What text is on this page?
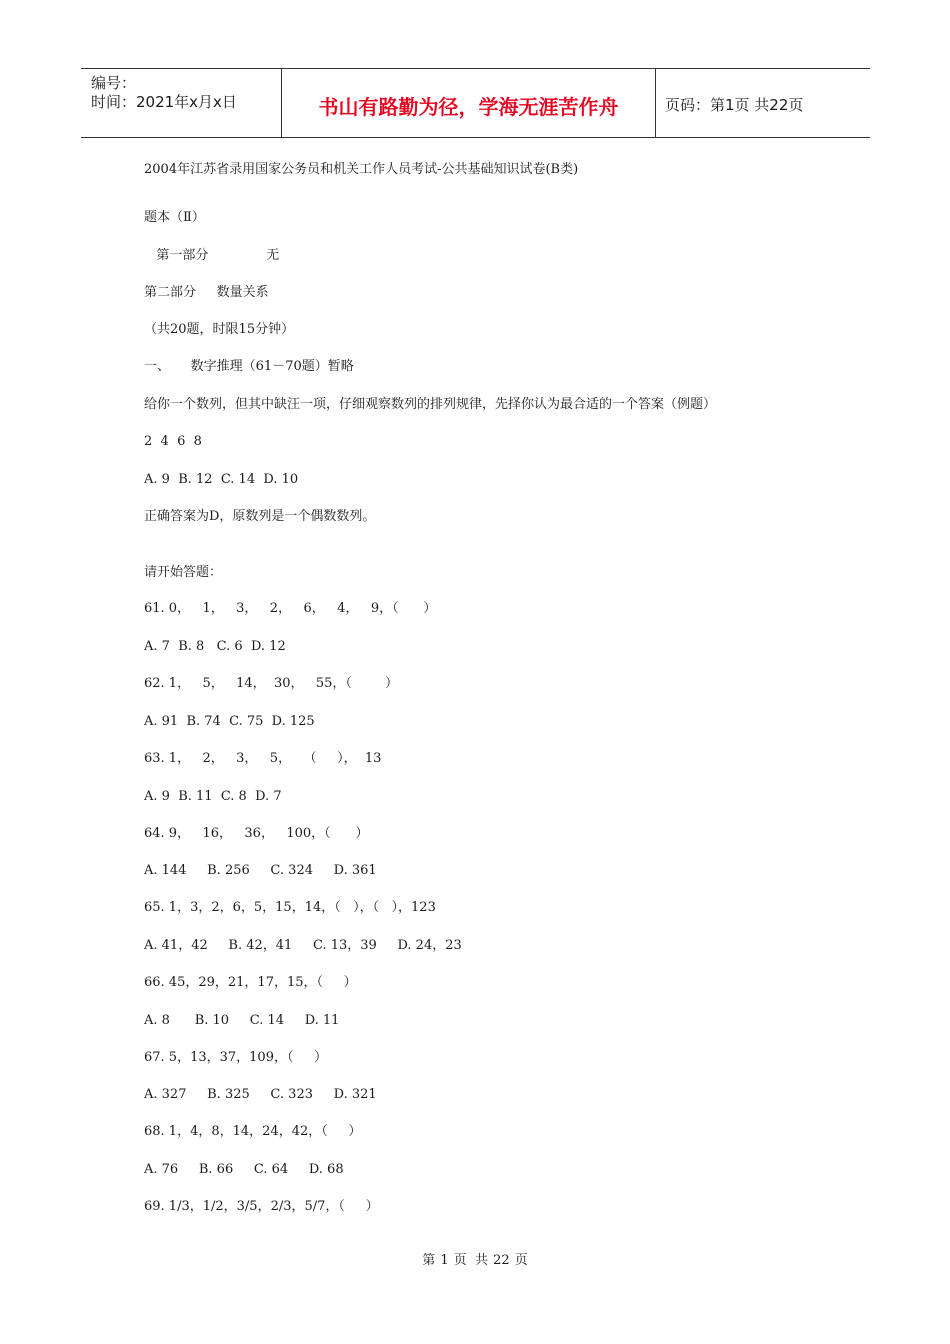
编号：
时间：2021年x月x日	书山有路勤为径，学海无涯苦作舟	页码：第1页 共22页
2004年江苏省录用国家公务员和机关工作人员考试-公共基础知识试卷(B类)
题本（Ⅱ）
第一部分              无
第二部分     数量关系
（共20题，时限15分钟）
一、     数字推理（61－70题）暂略
给你一个数列，但其中缺汪一项，仔细观察数列的排列规律，先择你认为最合适的一个答案（例题）
2  4  6  8
A. 9  B. 12  C. 14  D. 10
正确答案为D，原数列是一个偶数数列。
请开始答题：
61. 0，   1，   3，   2，   6，   4，   9，（      ）
A. 7  B. 8   C. 6  D. 12
62. 1，   5，   14，  30，   55，（        ）
A. 91  B. 74  C. 75  D. 125
63. 1，   2，   3，   5，   （     ），  13
A. 9  B. 11  C. 8  D. 7
64. 9，   16，   36，   100，（      ）
A. 144     B. 256     C. 324     D. 361
65. 1，3，2，6，5，15，14，（   ），（   ），123
A. 41，42     B. 42，41     C. 13，39     D. 24，23
66. 45，29，21，17，15，（     ）
A. 8      B. 10     C. 14     D. 11
67. 5，13，37，109，（     ）
A. 327     B. 325     C. 323     D. 321
68. 1，4，8，14，24，42，（     ）
A. 76     B. 66     C. 64     D. 68
69. 1/3，1/2，3/5，2/3，5/7，（     ）
第 1 页  共 22 页
